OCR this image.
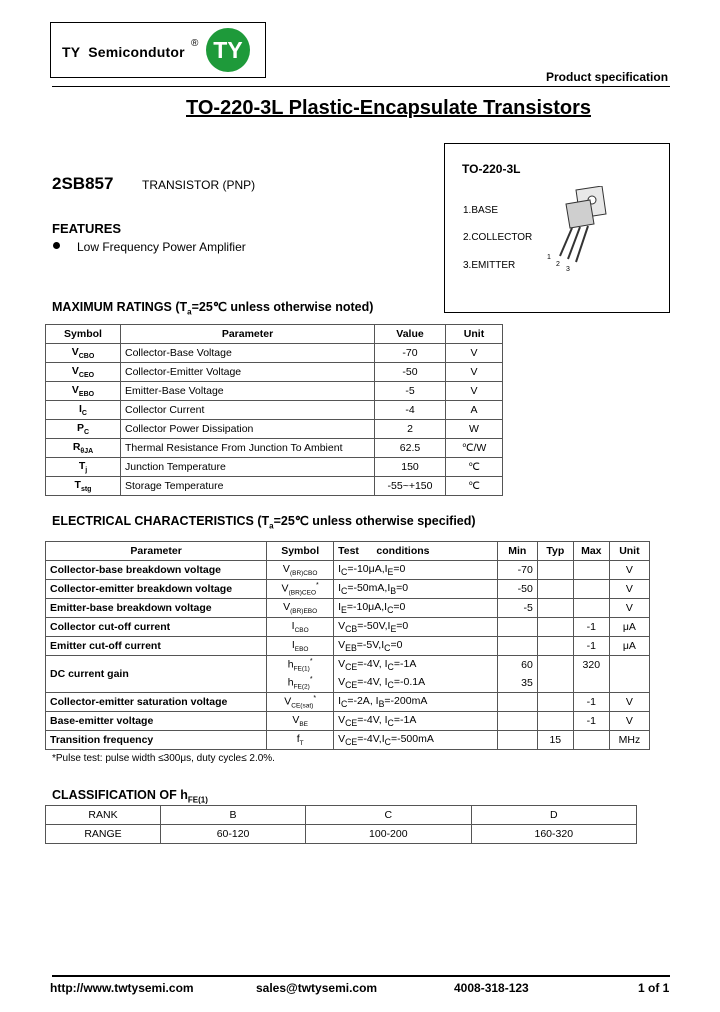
TY  Semicondutor
® TY
Product specification
TO-220-3L Plastic-Encapsulate Transistors
2SB857 TRANSISTOR (PNP)
TO-220-3L
1.BASE
2.COLLECTOR
3.EMITTER
1
2
3
FEATURES
Low Frequency Power Amplifier
MAXIMUM RATINGS ($T_a=25℃$ unless otherwise noted)
Symbol	Parameter	Value	Unit
$V_{CBO}$	Collector-Base Voltage	-70	V
$V_{CEO}$	Collector-Emitter Voltage	-50	V
$V_{EBO}$	Emitter-Base Voltage	-5	V
$I_C$	Collector Current	-4	A
$P_C$	Collector Power Dissipation	2	W
$R_{\theta JA}$	Thermal Resistance From Junction To Ambient	62.5	℃/W
$T_j$	Junction Temperature	150	℃
$T_{stg}$	Storage Temperature	-55~+150	℃
ELECTRICAL CHARACTERISTICS ($T_a=25℃$ unless otherwise specified)
Parameter	Symbol	Test      conditions	Min	Typ	Max	Unit
Collector-base breakdown voltage	$V_{(BR)CBO}$	$I_C=-10\mu A,I_E=0$	-70			V
Collector-emitter breakdown voltage	$V_{(BR)CEO}^*$	$I_C=-50mA,I_B=0$	-50			V
Emitter-base breakdown voltage	$V_{(BR)EBO}$	$I_E=-10\mu A,I_C=0$	-5			V
Collector cut-off current	$I_{CBO}$	$V_{CB}=-50V,I_E=0$			-1	μA
Emitter cut-off current	$I_{EBO}$	$V_{EB}=-5V,I_C=0$			-1	μA
DC current gain	$h_{FE(1)}^*$	$V_{CE}=-4V$, $I_C=-1A$	60		320	
	$h_{FE(2)}^*$	$V_{CE}=-4V$, $I_C=-0.1A$	35			
Collector-emitter saturation voltage	$V_{CE(sat)}^*$	$I_C=-2A$, $I_B=-200mA$			-1	V
Base-emitter voltage	$V_{BE}$	$V_{CE}=-4V$, $I_C=-1A$			-1	V
Transition frequency	$f_T$	$V_{CE}=-4V,I_C=-500mA$		15		MHz
*Pulse test: pulse width ≤300μs, duty cycle≤ 2.0%.
CLASSIFICATION OF $h_{FE(1)}$
RANK	B	C	D
RANGE	60-120	100-200	160-320
http://www.twtysemi.com	sales@twtysemi.com	4008-318-123	1 of 1
